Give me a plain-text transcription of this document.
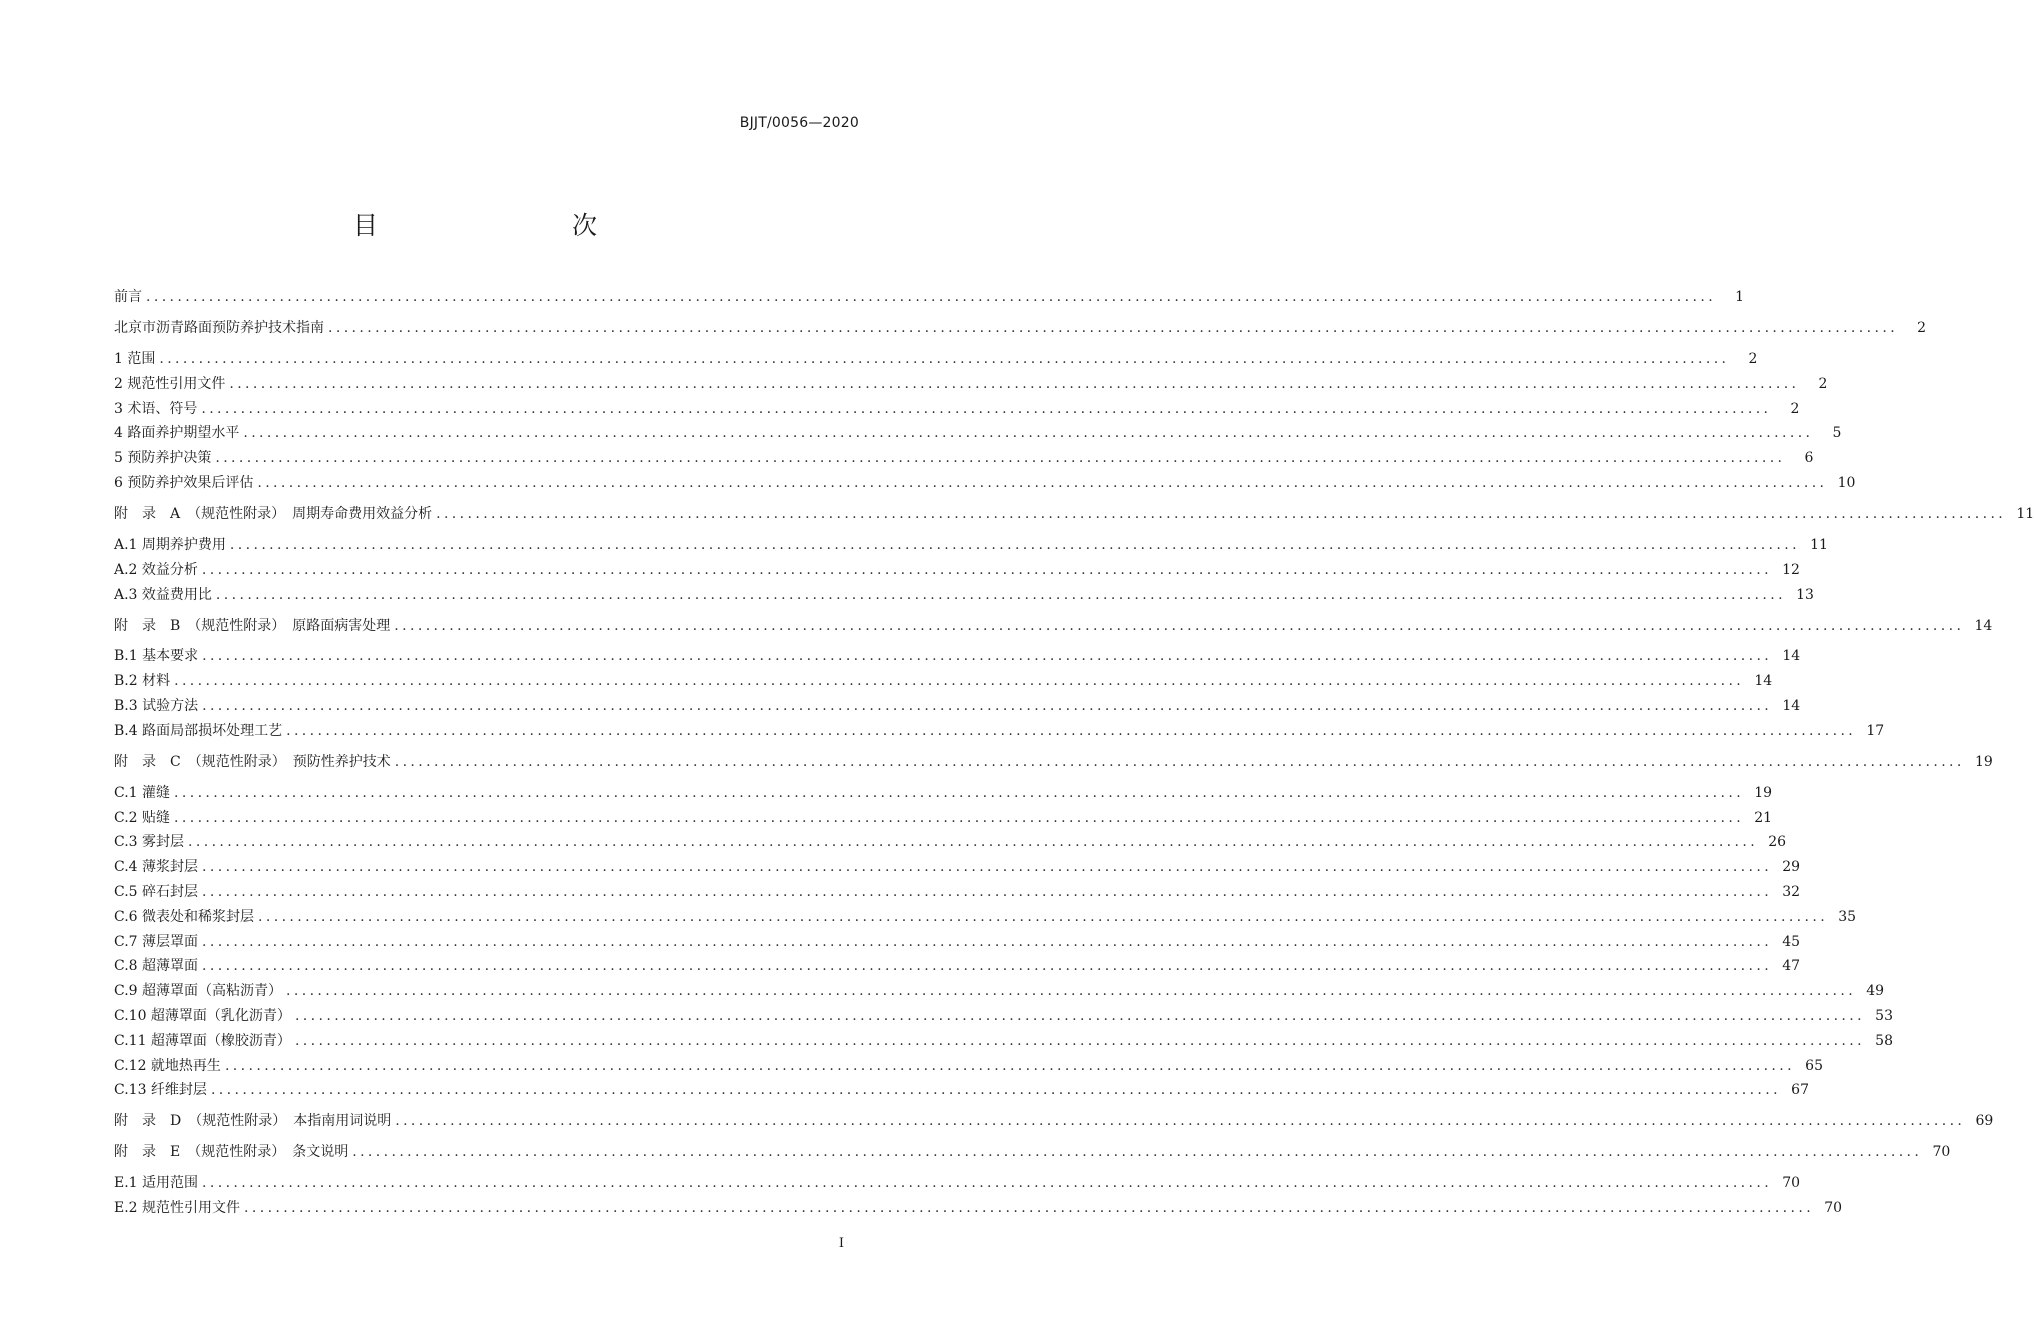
BJJT/0056—2020
目　　次
前言 ........................................................................................................................................................................................................	1
北京市沥青路面预防养护技术指南 ........................................................................................................................................................................................................	2
1 范围 ........................................................................................................................................................................................................	2
2 规范性引用文件 ........................................................................................................................................................................................................	2
3 术语、符号 ........................................................................................................................................................................................................	2
4 路面养护期望水平 ........................................................................................................................................................................................................	5
5 预防养护决策 ........................................................................................................................................................................................................	6
6 预防养护效果后评估 ........................................................................................................................................................................................................ 10
附　录　A　（规范性附录）　周期寿命费用效益分析 ........................................................................................................................................................................................................ 11
A.1 周期养护费用 ........................................................................................................................................................................................................ 11
A.2 效益分析 ........................................................................................................................................................................................................ 12
A.3 效益费用比 ........................................................................................................................................................................................................ 13
附　录　B　（规范性附录）　原路面病害处理 ........................................................................................................................................................................................................ 14
B.1 基本要求 ........................................................................................................................................................................................................ 14
B.2 材料 ........................................................................................................................................................................................................ 14
B.3 试验方法 ........................................................................................................................................................................................................ 14
B.4 路面局部损坏处理工艺 ........................................................................................................................................................................................................ 17
附　录　C　（规范性附录）　预防性养护技术 ........................................................................................................................................................................................................ 19
C.1 灌缝 ........................................................................................................................................................................................................ 19
C.2 贴缝 ........................................................................................................................................................................................................ 21
C.3 雾封层 ........................................................................................................................................................................................................ 26
C.4 薄浆封层 ........................................................................................................................................................................................................ 29
C.5 碎石封层 ........................................................................................................................................................................................................ 32
C.6 微表处和稀浆封层 ........................................................................................................................................................................................................ 35
C.7 薄层罩面 ........................................................................................................................................................................................................ 45
C.8 超薄罩面 ........................................................................................................................................................................................................ 47
C.9 超薄罩面（高粘沥青） ........................................................................................................................................................................................................ 49
C.10 超薄罩面（乳化沥青） ........................................................................................................................................................................................................ 53
C.11 超薄罩面（橡胶沥青） ........................................................................................................................................................................................................ 58
C.12 就地热再生 ........................................................................................................................................................................................................ 65
C.13 纤维封层 ........................................................................................................................................................................................................ 67
附　录　D　（规范性附录）　本指南用词说明 ........................................................................................................................................................................................................ 69
附　录　E　（规范性附录）　条文说明 ........................................................................................................................................................................................................ 70
E.1 适用范围 ........................................................................................................................................................................................................ 70
E.2 规范性引用文件 ........................................................................................................................................................................................................ 70
I
